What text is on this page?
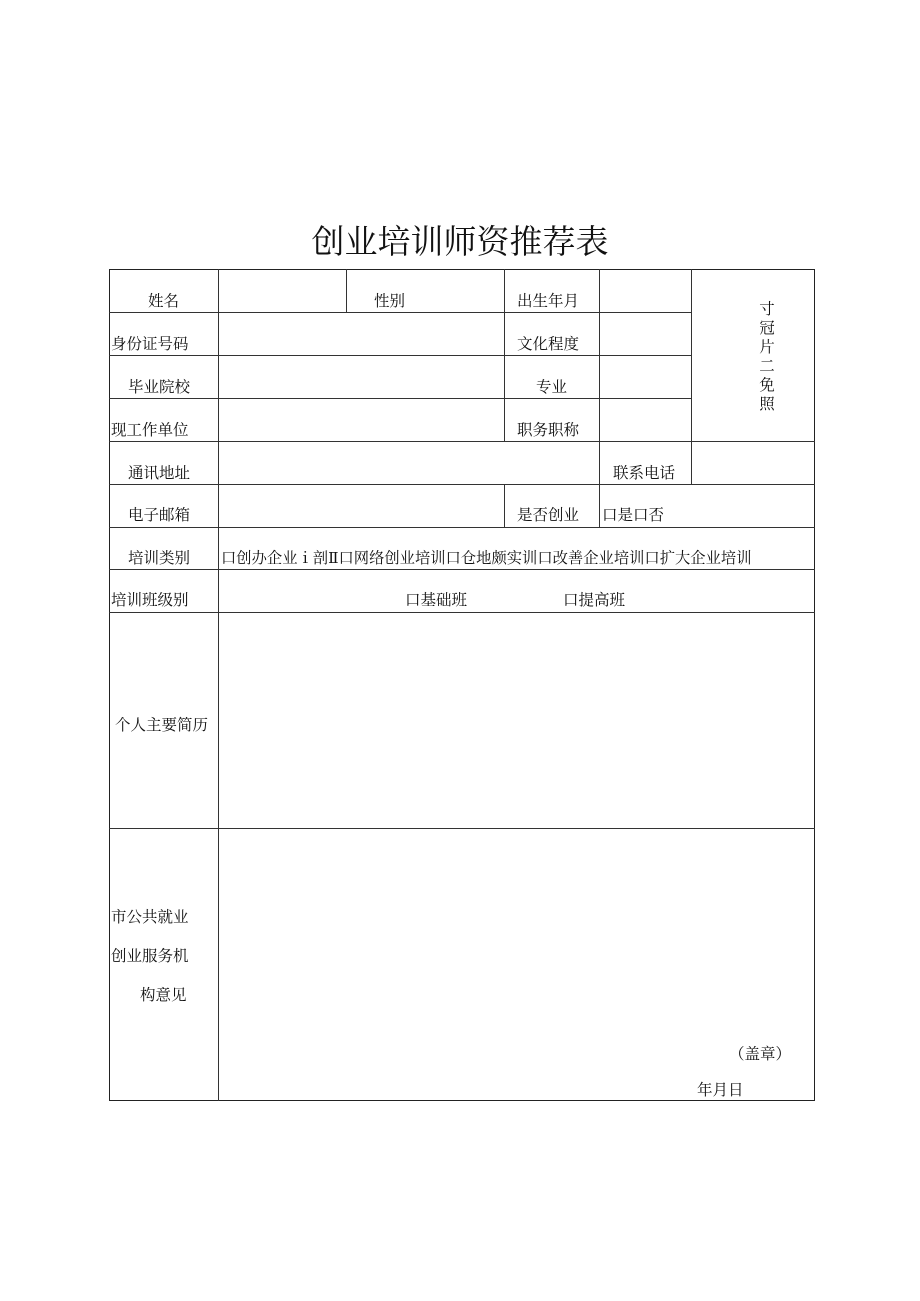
创业培训师资推荐表
姓名	性别	出生年月
身份证号码	文化程度
毕业院校	专业
现工作单位	职务职称
寸
冠
片
二
免
照
通讯地址	联系电话
电子邮箱	是否创业 口是口否
培训类别 口创办企业ｉ剖Ⅱ口网络创业培训口仓地颇实训口改善企业培训口扩大企业培训
培训班级别	口基础班	口提高班
个人主要简历
市公共就业
创业服务机
构意见
（盖章）
年月日
